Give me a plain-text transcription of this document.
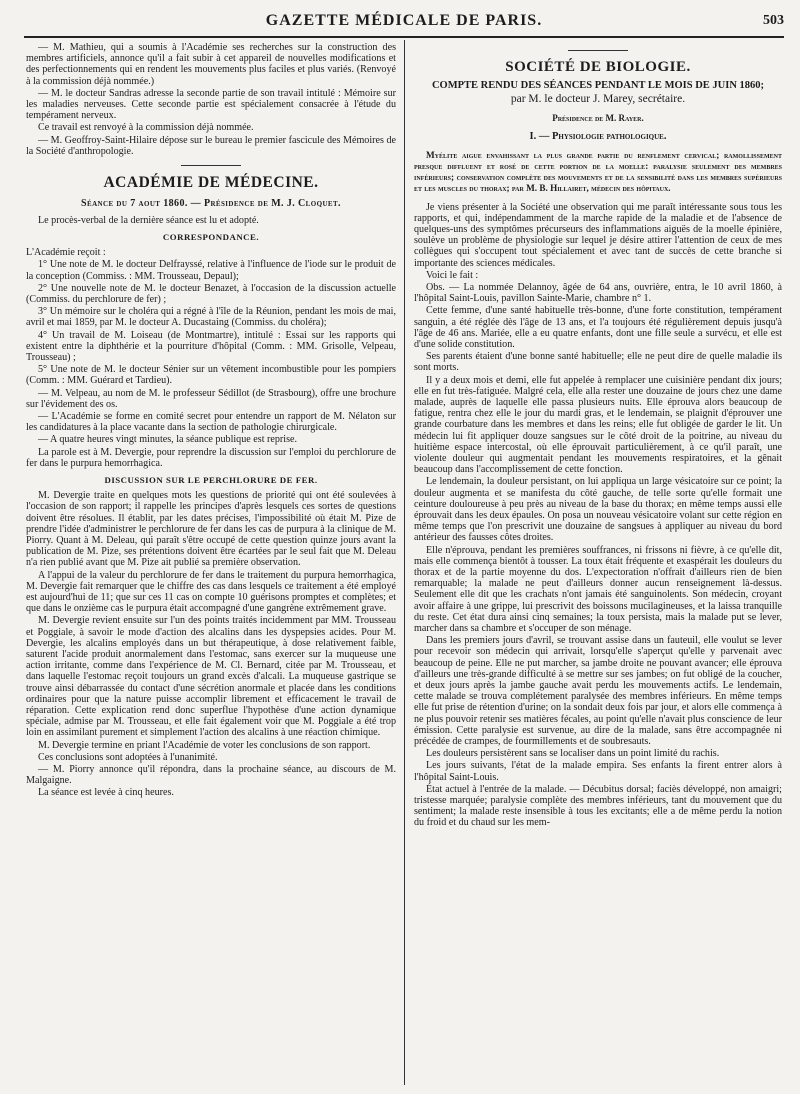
GAZETTE MÉDICALE DE PARIS.	503

— M. Mathieu, qui a soumis à l'Académie ses recherches sur la construction des membres artificiels, annonce qu'il a fait subir à cet appareil de nouvelles modifications et des perfectionnements qui en rendent les mouvements plus faciles et plus variés. (Renvoyé à la commission déjà nommée.)

— M. le docteur Sandras adresse la seconde partie de son travail intitulé : Mémoire sur les maladies nerveuses. Cette seconde partie est spécialement consacrée à l'étude du tempérament nerveux.

Ce travail est renvoyé à la commission déjà nommée.

— M. Geoffroy-Saint-Hilaire dépose sur le bureau le premier fascicule des Mémoires de la Société d'anthropologie.

ACADÉMIE DE MÉDECINE.
Séance du 7 aout 1860. — Présidence de M. J. Cloquet.

Le procès-verbal de la dernière séance est lu et adopté.

CORRESPONDANCE.

L'Académie reçoit :

1° Une note de M. le docteur Delfrayssé, relative à l'influence de l'iode sur le produit de la conception (Commiss. : MM. Trousseau, Depaul);

2° Une nouvelle note de M. le docteur Benazet, à l'occasion de la discussion actuelle (Commiss. du perchlorure de fer) ;

3° Un mémoire sur le choléra qui a régné à l'île de la Réunion, pendant les mois de mai, avril et mai 1859, par M. le docteur A. Ducastaing (Commiss. du choléra);

4° Un travail de M. Loiseau (de Montmartre), intitulé : Essai sur les rapports qui existent entre la diphthérie et la pourriture d'hôpital (Comm. : MM. Grisolle, Velpeau, Trousseau) ;

5° Une note de M. le docteur Sénier sur un vêtement incombustible pour les pompiers (Comm. : MM. Guérard et Tardieu).

— M. Velpeau, au nom de M. le professeur Sédillot (de Strasbourg), offre une brochure sur l'évidement des os.

— L'Académie se forme en comité secret pour entendre un rapport de M. Nélaton sur les candidatures à la place vacante dans la section de pathologie chirurgicale.

— A quatre heures vingt minutes, la séance publique est reprise.

La parole est à M. Devergie, pour reprendre la discussion sur l'emploi du perchlorure de fer dans le purpura hemorrhagica.

DISCUSSION SUR LE PERCHLORURE DE FER.

M. Devergie traite en quelques mots les questions de priorité qui ont été soulevées à l'occasion de son rapport; il rappelle les principes d'après lesquels ces sortes de questions doivent être résolues. Il établit, par les dates précises, l'impossibilité où était M. Pize de prendre l'idée d'administrer le perchlorure de fer dans les cas de purpura à la clinique de M. Piorry. Quant à M. Deleau, qui paraît s'être occupé de cette question quinze jours avant la publication de M. Pize, ses prétentions doivent être écartées par le seul fait que M. Deleau n'a rien publié avant que M. Pize ait publié sa première observation.

A l'appui de la valeur du perchlorure de fer dans le traitement du purpura hemorrhagica, M. Devergie fait remarquer que le chiffre des cas dans lesquels ce traitement a été employé est aujourd'hui de 11; que sur ces 11 cas on compte 10 guérisons promptes et complètes; et que dans le onzième cas le purpura était accompagné d'une gangrène extrêmement grave.

M. Devergie revient ensuite sur l'un des points traités incidemment par MM. Trousseau et Poggiale, à savoir le mode d'action des alcalins dans les dyspepsies acides. Pour M. Devergie, les alcalins employés dans un but thérapeutique, à dose relativement faible, saturent l'acide produit anormalement dans l'estomac, sans exercer sur la muqueuse une action irritante, comme dans l'expérience de M. Cl. Bernard, citée par M. Trousseau, et dans laquelle l'estomac reçoit toujours un grand excès d'alcali. La muqueuse gastrique se trouve ainsi débarrassée du contact d'une sécrétion anormale et placée dans les conditions ordinaires pour que la nature puisse accomplir librement et efficacement le travail de réparation. Cette explication rend donc superflue l'hypothèse d'une action dynamique spéciale, admise par M. Trousseau, et elle fait également voir que M. Poggiale a été trop loin en assimilant purement et simplement l'action des alcalins à une réaction chimique.

M. Devergie termine en priant l'Académie de voter les conclusions de son rapport.

Ces conclusions sont adoptées à l'unanimité.

— M. Piorry annonce qu'il répondra, dans la prochaine séance, au discours de M. Malgaigne.

La séance est levée à cinq heures.

SOCIÉTÉ DE BIOLOGIE.
COMPTE RENDU DES SÉANCES PENDANT LE MOIS DE JUIN 1860;
par M. le docteur J. Marey, secrétaire.
Présidence de M. Rayer.
I. — Physiologie pathologique.
Myélite aigue envahissant la plus grande partie du renflement cervical; ramollissement presque diffluent et rosé de cette portion de la moelle: paralysie seulement des membres inférieurs; conservation complète des mouvements et de la sensibilité dans les membres supérieurs et les muscles du thorax; par M. B. Hillairet, médecin des hôpitaux.

Je viens présenter à la Société une observation qui me paraît intéressante sous tous les rapports, et qui, indépendamment de la marche rapide de la maladie et de l'absence de quelques-uns des symptômes précurseurs des inflammations aiguës de la moelle épinière, soulève un problème de physiologie sur lequel je désire attirer l'attention de ceux de mes collègues qui s'occupent tout spécialement et avec tant de succès de cette branche si importante des sciences médicales.

Voici le fait :

Obs. — La nommée Delannoy, âgée de 64 ans, ouvrière, entra, le 10 avril 1860, à l'hôpital Saint-Louis, pavillon Sainte-Marie, chambre n° 1.

Cette femme, d'une santé habituelle très-bonne, d'une forte constitution, tempérament sanguin, a été réglée dès l'âge de 13 ans, et l'a toujours été régulièrement depuis jusqu'à l'âge de 46 ans. Mariée, elle a eu quatre enfants, dont une fille seule a survécu, et elle est d'une solide constitution.

Ses parents étaient d'une bonne santé habituelle; elle ne peut dire de quelle maladie ils sont morts.

Il y a deux mois et demi, elle fut appelée à remplacer une cuisinière pendant dix jours; elle en fut très-fatiguée. Malgré cela, elle alla rester une douzaine de jours chez une dame malade, auprès de laquelle elle passa plusieurs nuits. Elle éprouva alors beaucoup de fatigue, rentra chez elle le jour du mardi gras, et le lendemain, se plaignit d'éprouver une grande courbature dans les membres et dans les reins; elle fut obligée de garder le lit. Un médecin lui fit appliquer douze sangsues sur le côté droit de la poitrine, au niveau du huitième espace intercostal, où elle éprouvait particulièrement, à ce qu'il paraît, une violente douleur qui augmentait pendant les mouvements respiratoires, et la gênait beaucoup dans l'accomplissement de cette fonction.

Le lendemain, la douleur persistant, on lui appliqua un large vésicatoire sur ce point; la douleur augmenta et se manifesta du côté gauche, de telle sorte qu'elle formait une ceinture douloureuse à peu près au niveau de la base du thorax; en même temps aussi elle éprouvait dans les deux épaules. On posa un nouveau vésicatoire volant sur cette région en même temps que l'on prescrivit une douzaine de sangsues à appliquer au niveau du bord antérieur des fausses côtes droites.

Elle n'éprouva, pendant les premières souffrances, ni frissons ni fièvre, à ce qu'elle dit, mais elle commença bientôt à tousser. La toux était fréquente et exaspérait les douleurs du thorax et de la partie moyenne du dos. L'expectoration n'offrait d'ailleurs rien de bien remarquable; la malade ne peut d'ailleurs donner aucun renseignement là-dessus. Seulement elle dit que les crachats n'ont jamais été sanguinolents. Son médecin, croyant avoir affaire à une grippe, lui prescrivit des boissons mucilagineuses, et la laissa tranquille du reste. Cet état dura ainsi cinq semaines; la toux persista, mais la malade put se lever, marcher dans sa chambre et s'occuper de son ménage.

Dans les premiers jours d'avril, se trouvant assise dans un fauteuil, elle voulut se lever pour recevoir son médecin qui arrivait, lorsqu'elle s'aperçut qu'elle y parvenait avec beaucoup de peine. Elle ne put marcher, sa jambe droite ne pouvant avancer; elle éprouva d'ailleurs une très-grande difficulté à se mettre sur ses jambes; on fut obligé de la coucher, et deux jours après la jambe gauche avait perdu les mouvements actifs. Le lendemain, cette malade se trouva complétement paralysée des membres inférieurs. En même temps elle fut prise de rétention d'urine; on la sondait deux fois par jour, et alors elle commença à ne plus pouvoir retenir ses matières fécales, au point qu'elle n'avait plus conscience de leur émission. Cette paralysie est survenue, au dire de la malade, sans être accompagnée ni précédée de crampes, de fourmillements et de soubresauts.

Les douleurs persistèrent sans se localiser dans un point limité du rachis.

Les jours suivants, l'état de la malade empira. Ses enfants la firent entrer alors à l'hôpital Saint-Louis.

État actuel à l'entrée de la malade. — Décubitus dorsal; faciès développé, non amaigri; tristesse marquée; paralysie complète des membres inférieurs, tant du mouvement que du sentiment; la malade reste insensible à tous les excitants; elle a de même perdu la notion du froid et du chaud sur les mem-
